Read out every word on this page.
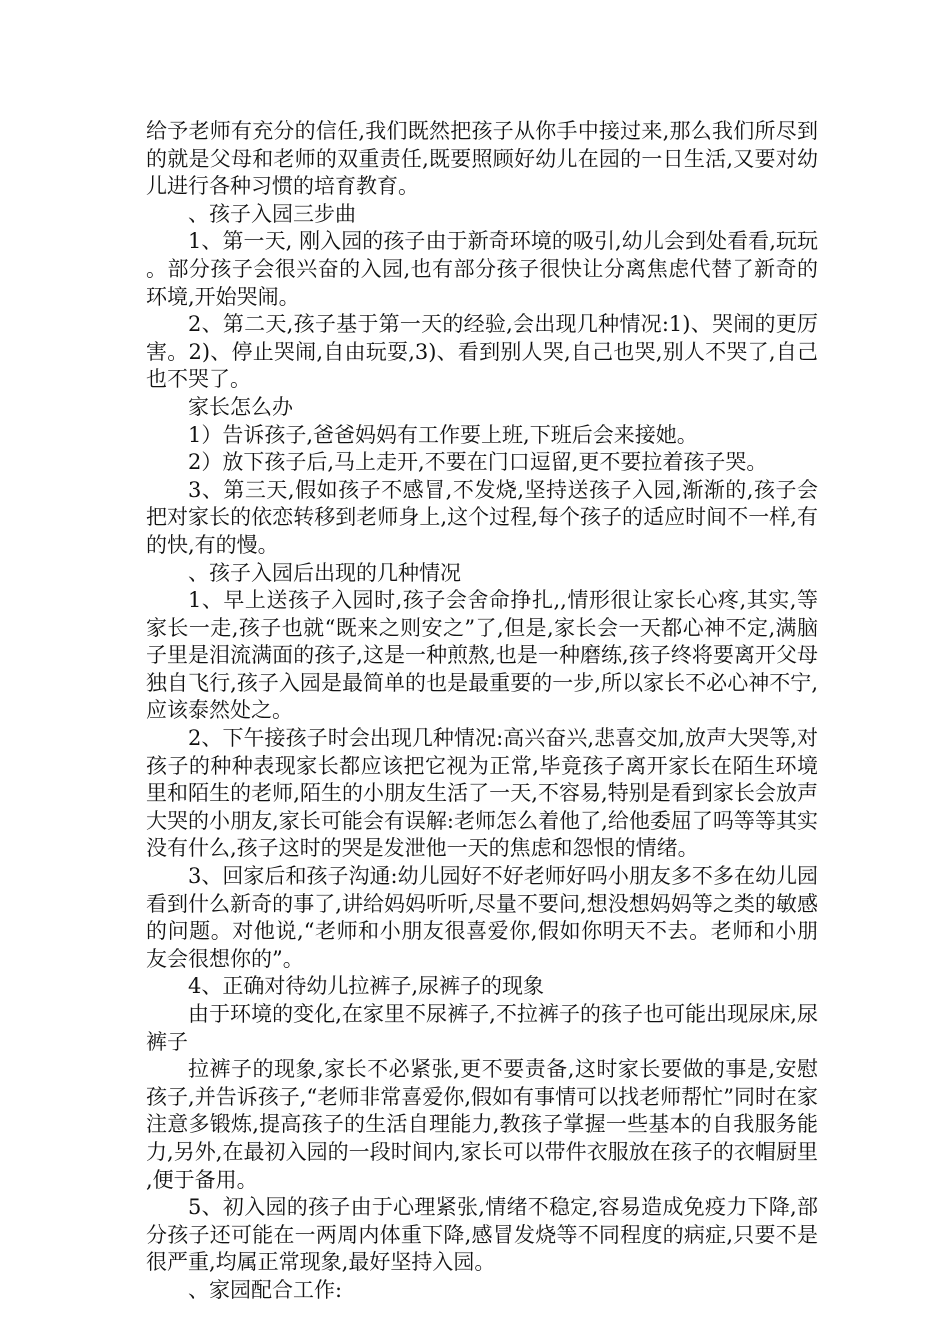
给予老师有充分的信任,我们既然把孩子从你手中接过来,那么我们所尽到的就是父母和老师的双重责任,既要照顾好幼儿在园的一日生活,又要对幼儿进行各种习惯的培育教育。

、孩子入园三步曲

1、第一天, 刚入园的孩子由于新奇环境的吸引,幼儿会到处看看,玩玩。部分孩子会很兴奋的入园,也有部分孩子很快让分离焦虑代替了新奇的环境,开始哭闹。

2、第二天,孩子基于第一天的经验,会出现几种情况:1)、哭闹的更厉害。2)、停止哭闹,自由玩耍,3)、看到别人哭,自己也哭,别人不哭了,自己也不哭了。

家长怎么办

1）告诉孩子,爸爸妈妈有工作要上班,下班后会来接她。

2）放下孩子后,马上走开,不要在门口逗留,更不要拉着孩子哭。

3、第三天,假如孩子不感冒,不发烧,坚持送孩子入园,渐渐的,孩子会把对家长的依恋转移到老师身上,这个过程,每个孩子的适应时间不一样,有的快,有的慢。

、孩子入园后出现的几种情况

1、早上送孩子入园时,孩子会舍命挣扎,,情形很让家长心疼,其实,等家长一走,孩子也就“既来之则安之”了,但是,家长会一天都心神不定,满脑子里是泪流满面的孩子,这是一种煎熬,也是一种磨练,孩子终将要离开父母独自飞行,孩子入园是最简单的也是最重要的一步,所以家长不必心神不宁,应该泰然处之。

2、下午接孩子时会出现几种情况:高兴奋兴,悲喜交加,放声大哭等,对孩子的种种表现家长都应该把它视为正常,毕竟孩子离开家长在陌生环境里和陌生的老师,陌生的小朋友生活了一天,不容易,特别是看到家长会放声大哭的小朋友,家长可能会有误解:老师怎么着他了,给他委屈了吗等等其实没有什么,孩子这时的哭是发泄他一天的焦虑和怨恨的情绪。

3、回家后和孩子沟通:幼儿园好不好老师好吗小朋友多不多在幼儿园看到什么新奇的事了,讲给妈妈听听,尽量不要问,想没想妈妈等之类的敏感的问题。对他说,“老师和小朋友很喜爱你,假如你明天不去。老师和小朋友会很想你的”。

4、正确对待幼儿拉裤子,尿裤子的现象

由于环境的变化,在家里不尿裤子,不拉裤子的孩子也可能出现尿床,尿裤子

拉裤子的现象,家长不必紧张,更不要责备,这时家长要做的事是,安慰孩子,并告诉孩子,“老师非常喜爱你,假如有事情可以找老师帮忙”同时在家注意多锻炼,提高孩子的生活自理能力,教孩子掌握一些基本的自我服务能力,另外,在最初入园的一段时间内,家长可以带件衣服放在孩子的衣帽厨里,便于备用。

5、初入园的孩子由于心理紧张,情绪不稳定,容易造成免疫力下降,部分孩子还可能在一两周内体重下降,感冒发烧等不同程度的病症,只要不是很严重,均属正常现象,最好坚持入园。

、家园配合工作:
